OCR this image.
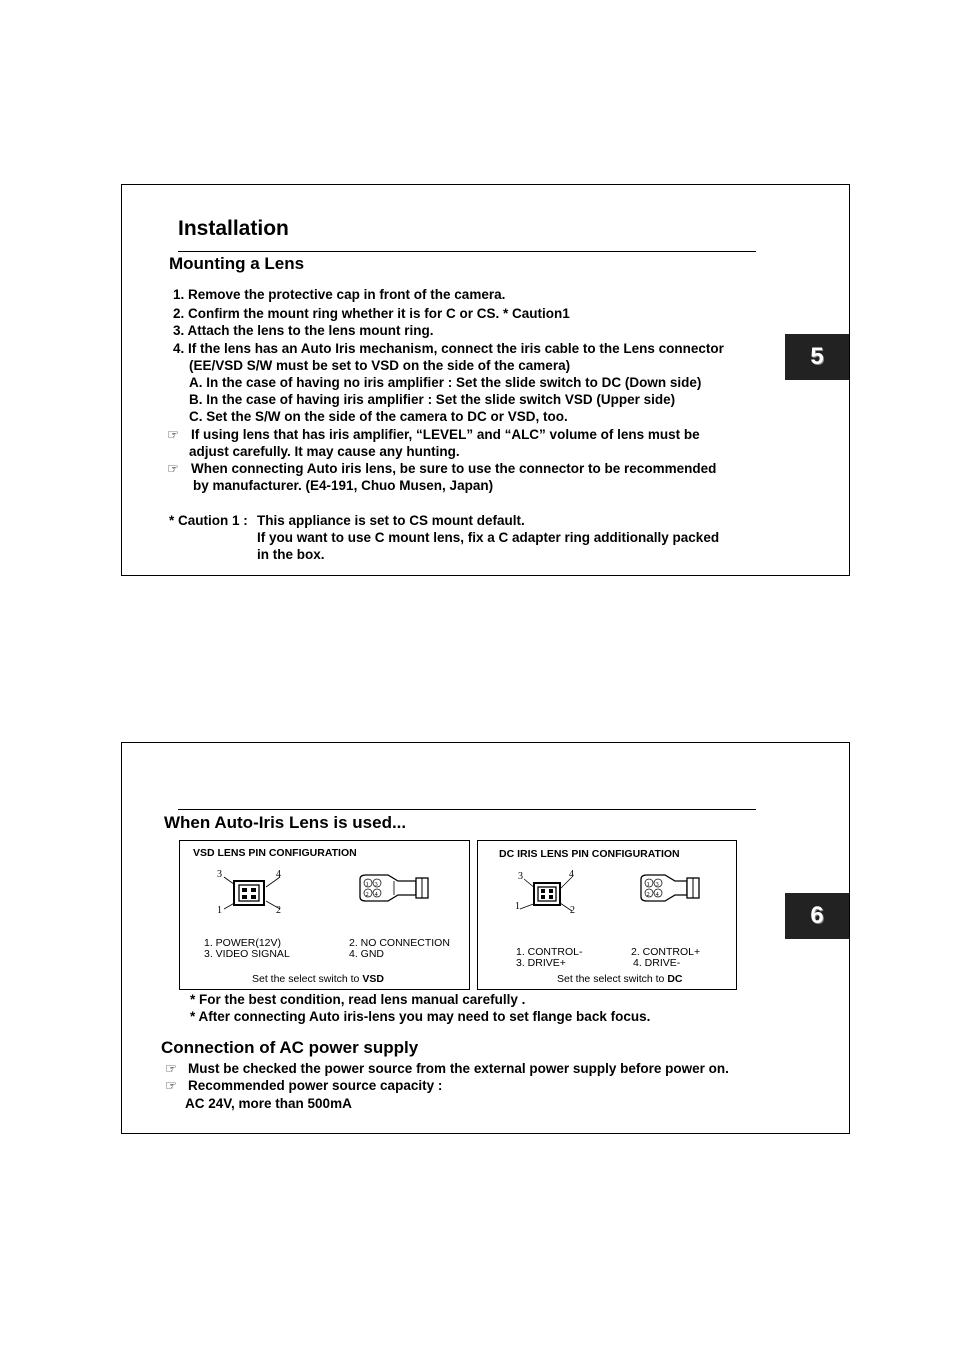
5
Installation
Mounting a Lens
1. Remove the protective cap in front of the camera.
2. Confirm the mount ring whether it is for C or CS. * Caution1
3. Attach the lens to the lens mount ring.
4. If the lens has an Auto Iris mechanism, connect the iris cable to the Lens connector
(EE/VSD S/W must be set to VSD on the side of the camera)
A. In the case of having no iris amplifier : Set the slide switch to DC (Down side)
B. In the case of having iris amplifier : Set the slide switch VSD (Upper side)
C. Set the S/W on the side of the camera to DC or VSD, too.
☞ If using lens that has iris amplifier, “LEVEL” and “ALC” volume of lens must be
adjust carefully. It may cause any hunting.
☞ When connecting Auto iris lens, be sure to use the connector to be recommended
by manufacturer. (E4-191, Chuo Musen, Japan)
* Caution 1 : This appliance is set to CS mount default.
If you want to use C mount lens, fix a C adapter ring additionally packed
in the box.
6
When Auto-Iris Lens is used...
VSD LENS PIN CONFIGURATION
3	4
1	2
1 3
2 4
1. POWER(12V)	2. NO CONNECTION
3. VIDEO SIGNAL	4. GND
Set the select switch to VSD
DC IRIS LENS PIN CONFIGURATION
3	4
1	2
1 3
2 4
1. CONTROL-	2. CONTROL+
3. DRIVE+	4. DRIVE-
Set the select switch to DC
* For the best condition, read lens manual carefully .
* After connecting Auto iris-lens you may need to set flange back focus.
Connection of AC power supply
☞ Must be checked the power source from the external power supply before power on.
☞ Recommended power source capacity :
AC 24V, more than 500mA
